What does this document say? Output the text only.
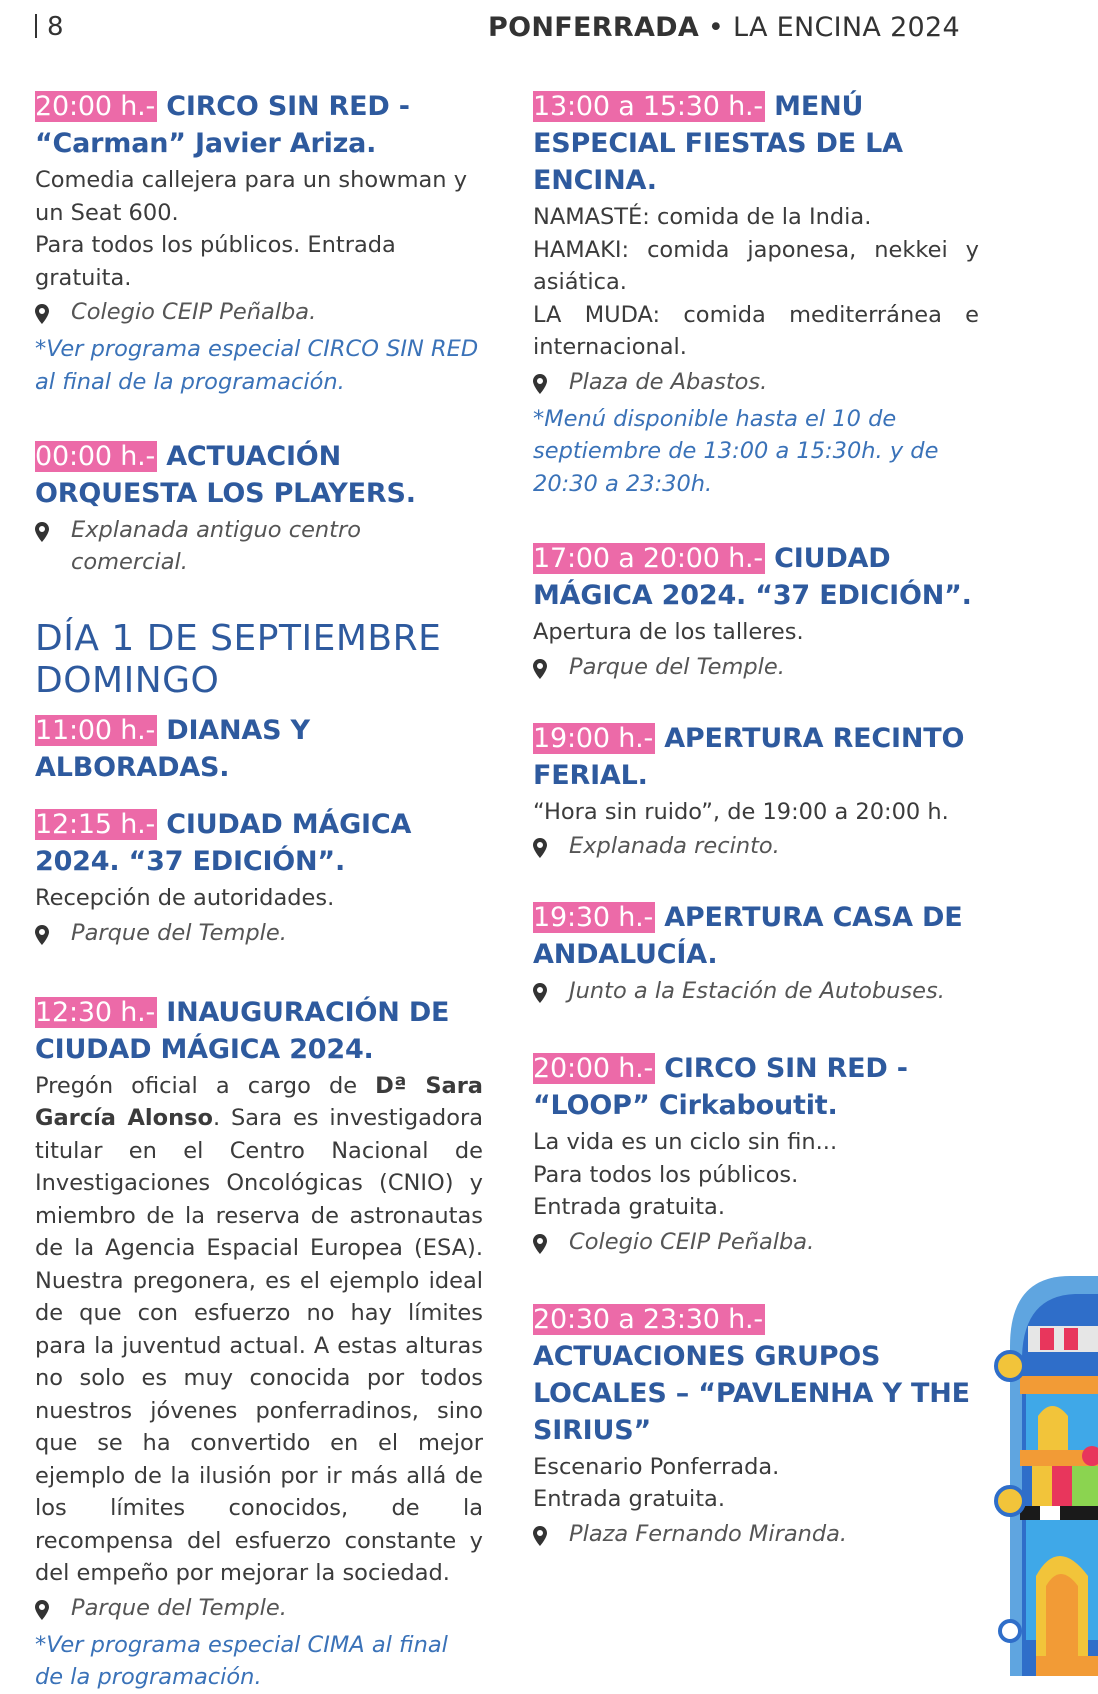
8	PONFERRADA • LA ENCINA 2024

20:00 h.- CIRCO SIN RED - “Carman” Javier Ariza.

Comedia callejera para un showman y un Seat 600.
Para todos los públicos. Entrada gratuita.

Colegio CEIP Peñalba.

*Ver programa especial CIRCO SIN RED al final de la programación.

00:00 h.- ACTUACIÓN ORQUESTA LOS PLAYERS.

Explanada antiguo centro comercial.

DÍA 1 DE SEPTIEMBRE
DOMINGO

11:00 h.- DIANAS Y ALBORADAS.

12:15 h.- CIUDAD MÁGICA 2024. “37 EDICIÓN”.

Recepción de autoridades.

Parque del Temple.

12:30 h.- INAUGURACIÓN DE CIUDAD MÁGICA 2024.

Pregón oficial a cargo de Dª Sara García Alonso. Sara es investigadora titular en el Centro Nacional de Investigaciones Oncológicas (CNIO) y miembro de la reserva de astronautas de la Agencia Espacial Europea (ESA). Nuestra pregonera, es el ejemplo ideal de que con esfuerzo no hay límites para la juventud actual. A estas alturas no solo es muy conocida por todos nuestros jóvenes ponferradinos, sino que se ha convertido en el mejor ejemplo de la ilusión por ir más allá de los límites conocidos, de la recompensa del esfuerzo constante y del empeño por mejorar la sociedad.

Parque del Temple.

*Ver programa especial CIMA al final de la programación.

13:00 a 15:30 h.- MENÚ ESPECIAL FIESTAS DE LA ENCINA.

NAMASTÉ: comida de la India.
HAMAKI: comida japonesa, nekkei y asiática.
LA MUDA: comida mediterránea e internacional.

Plaza de Abastos.

*Menú disponible hasta el 10 de septiembre de 13:00 a 15:30h. y de 20:30 a 23:30h.

17:00 a 20:00 h.- CIUDAD MÁGICA 2024. “37 EDICIÓN”.

Apertura de los talleres.

Parque del Temple.

19:00 h.- APERTURA RECINTO FERIAL.

“Hora sin ruido”, de 19:00 a 20:00 h.

Explanada recinto.

19:30 h.- APERTURA CASA DE ANDALUCÍA.

Junto a la Estación de Autobuses.

20:00 h.- CIRCO SIN RED - “LOOP” Cirkaboutit.

La vida es un ciclo sin fin...
Para todos los públicos.
Entrada gratuita.

Colegio CEIP Peñalba.

20:30 a 23:30 h.- ACTUACIONES GRUPOS LOCALES – “PAVLENHA Y THE SIRIUS”

Escenario Ponferrada.
Entrada gratuita.

Plaza Fernando Miranda.
